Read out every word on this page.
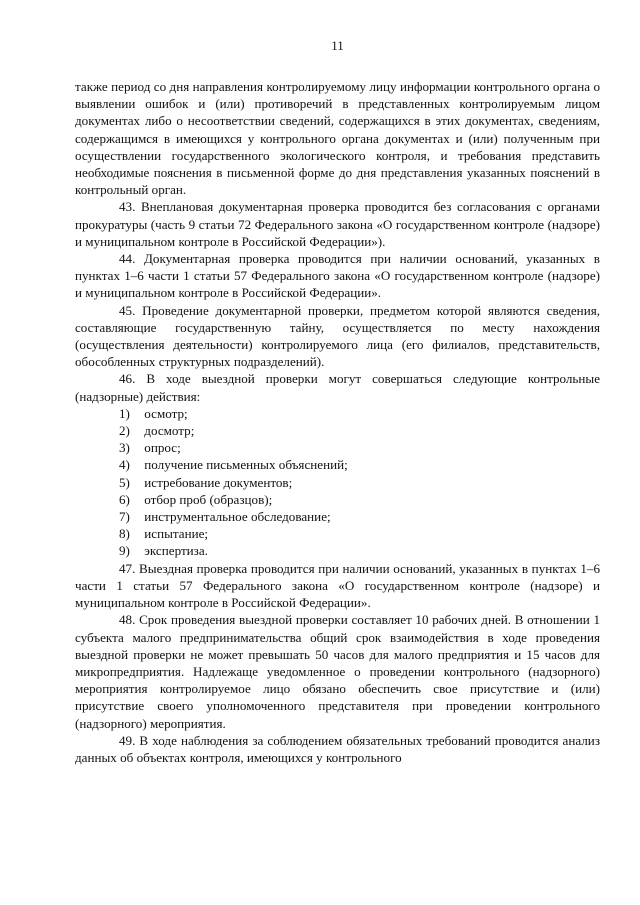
11

также период со дня направления контролируемому лицу информации контрольного органа о выявлении ошибок и (или) противоречий в представленных контролируемым лицом документах либо о несоответствии сведений, содержащихся в этих документах, сведениям, содержащимся в имеющихся у контрольного органа документах и (или) полученным при осуществлении государственного экологического контроля, и требования представить необходимые пояснения в письменной форме до дня представления указанных пояснений в контрольный орган.

43. Внеплановая документарная проверка проводится без согласования с органами прокуратуры (часть 9 статьи 72 Федерального закона «О государственном контроле (надзоре) и муниципальном контроле в Российской Федерации»).

44. Документарная проверка проводится при наличии оснований, указанных в пунктах 1–6 части 1 статьи 57 Федерального закона «О государственном контроле (надзоре) и муниципальном контроле в Российской Федерации».

45. Проведение документарной проверки, предметом которой являются сведения, составляющие государственную тайну, осуществляется по месту нахождения (осуществления деятельности) контролируемого лица (его филиалов, представительств, обособленных структурных подразделений).

46. В ходе выездной проверки могут совершаться следующие контрольные (надзорные) действия:

1) осмотр;
2) досмотр;
3) опрос;
4) получение письменных объяснений;
5) истребование документов;
6) отбор проб (образцов);
7) инструментальное обследование;
8) испытание;
9) экспертиза.

47. Выездная проверка проводится при наличии оснований, указанных в пунктах 1–6 части 1 статьи 57 Федерального закона «О государственном контроле (надзоре) и муниципальном контроле в Российской Федерации».

48. Срок проведения выездной проверки составляет 10 рабочих дней. В отношении 1 субъекта малого предпринимательства общий срок взаимодействия в ходе проведения выездной проверки не может превышать 50 часов для малого предприятия и 15 часов для микропредприятия. Надлежаще уведомленное о проведении контрольного (надзорного) мероприятия контролируемое лицо обязано обеспечить свое присутствие и (или) присутствие своего уполномоченного представителя при проведении контрольного (надзорного) мероприятия.

49. В ходе наблюдения за соблюдением обязательных требований проводится анализ данных об объектах контроля, имеющихся у контрольного
